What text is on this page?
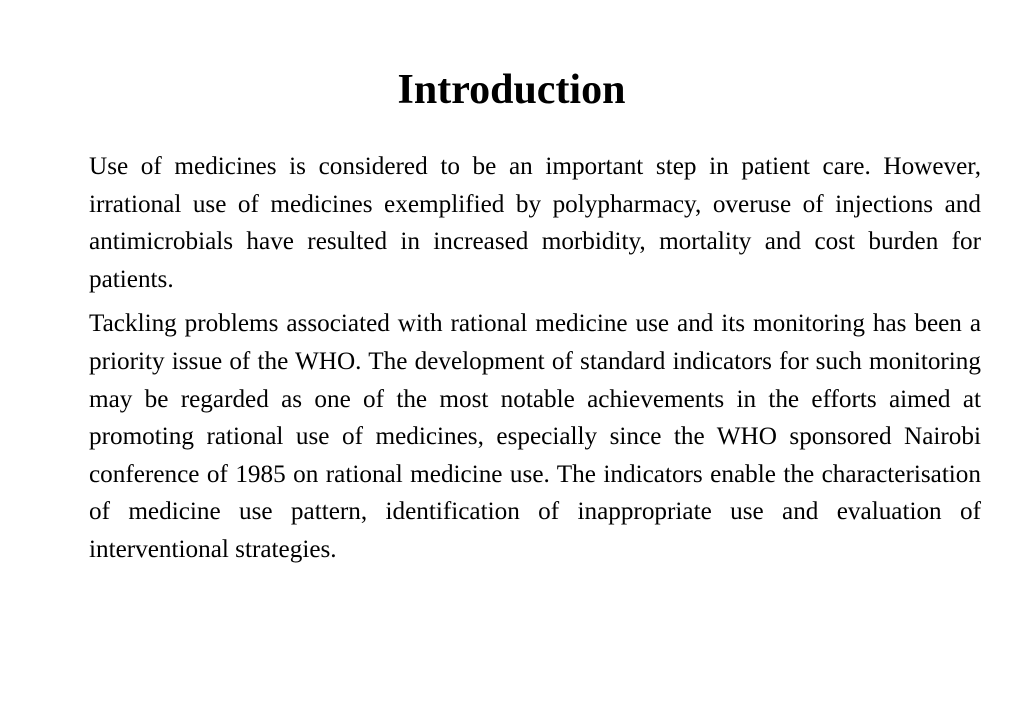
Introduction

Use of medicines is considered to be an important step in patient care. However, irrational use of medicines exemplified by polypharmacy, overuse of injections and antimicrobials have resulted in increased morbidity, mortality and cost burden for patients.

Tackling problems associated with rational medicine use and its monitoring has been a priority issue of the WHO. The development of standard indicators for such monitoring may be regarded as one of the most notable achievements in the efforts aimed at promoting rational use of medicines, especially since the WHO sponsored Nairobi conference of 1985 on rational medicine use. The indicators enable the characterisation of medicine use pattern, identification of inappropriate use and evaluation of interventional strategies.
